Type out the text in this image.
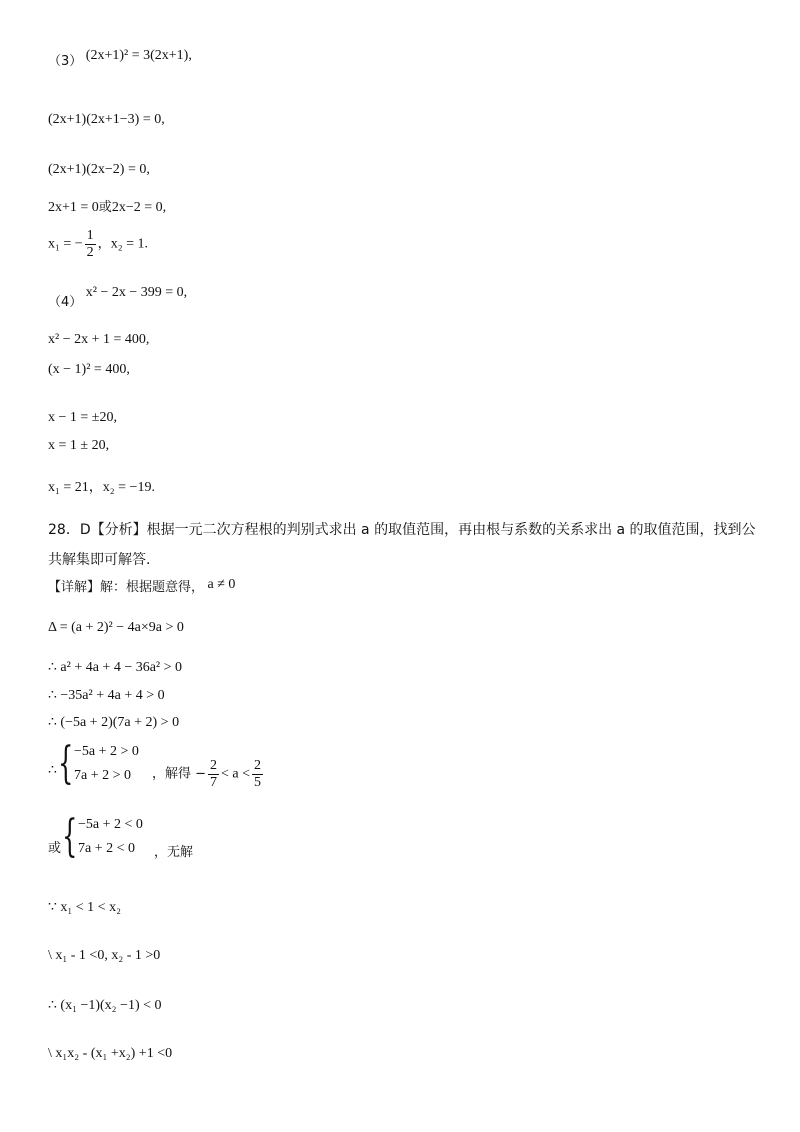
（3） (2x+1)² = 3(2x+1),
(2x+1)(2x+1−3) = 0,
(2x+1)(2x−2) = 0,
2x+1 = 0或2x−2 = 0,
x₁ = − $\frac{1}{2}$ ，x₂ = 1.
（4） x² − 2x − 399 = 0,
x² − 2x + 1 = 400,
(x − 1)² = 400,
x − 1 = ±20,
x = 1 ± 20,
x₁ = 21，x₂ = −19.
28．D【分析】根据一元二次方程根的判别式求出 a 的取值范围，再由根与系数的关系求出 a 的取值范围，找到公
共解集即可解答.
【详解】解：根据题意得， a ≠ 0
Δ = (a + 2)² − 4a×9a > 0
∴ a² + 4a + 4 − 36a² > 0
∴ −35a² + 4a + 4 > 0
∴ (−5a + 2)(7a + 2) > 0
∴ { −5a + 2 > 0
7a + 2 > 0 ，解得 − $\frac{2}{7} < a < \frac{2}{5}$
或 { −5a + 2 < 0
7a + 2 < 0 ，无解
∵ x₁ < 1 < x₂
\ x₁ - 1 <0, x₂ - 1 >0
∴ (x₁ −1)(x₂ −1) < 0
\ x₁x₂ - (x₁ +x₂) +1 <0
